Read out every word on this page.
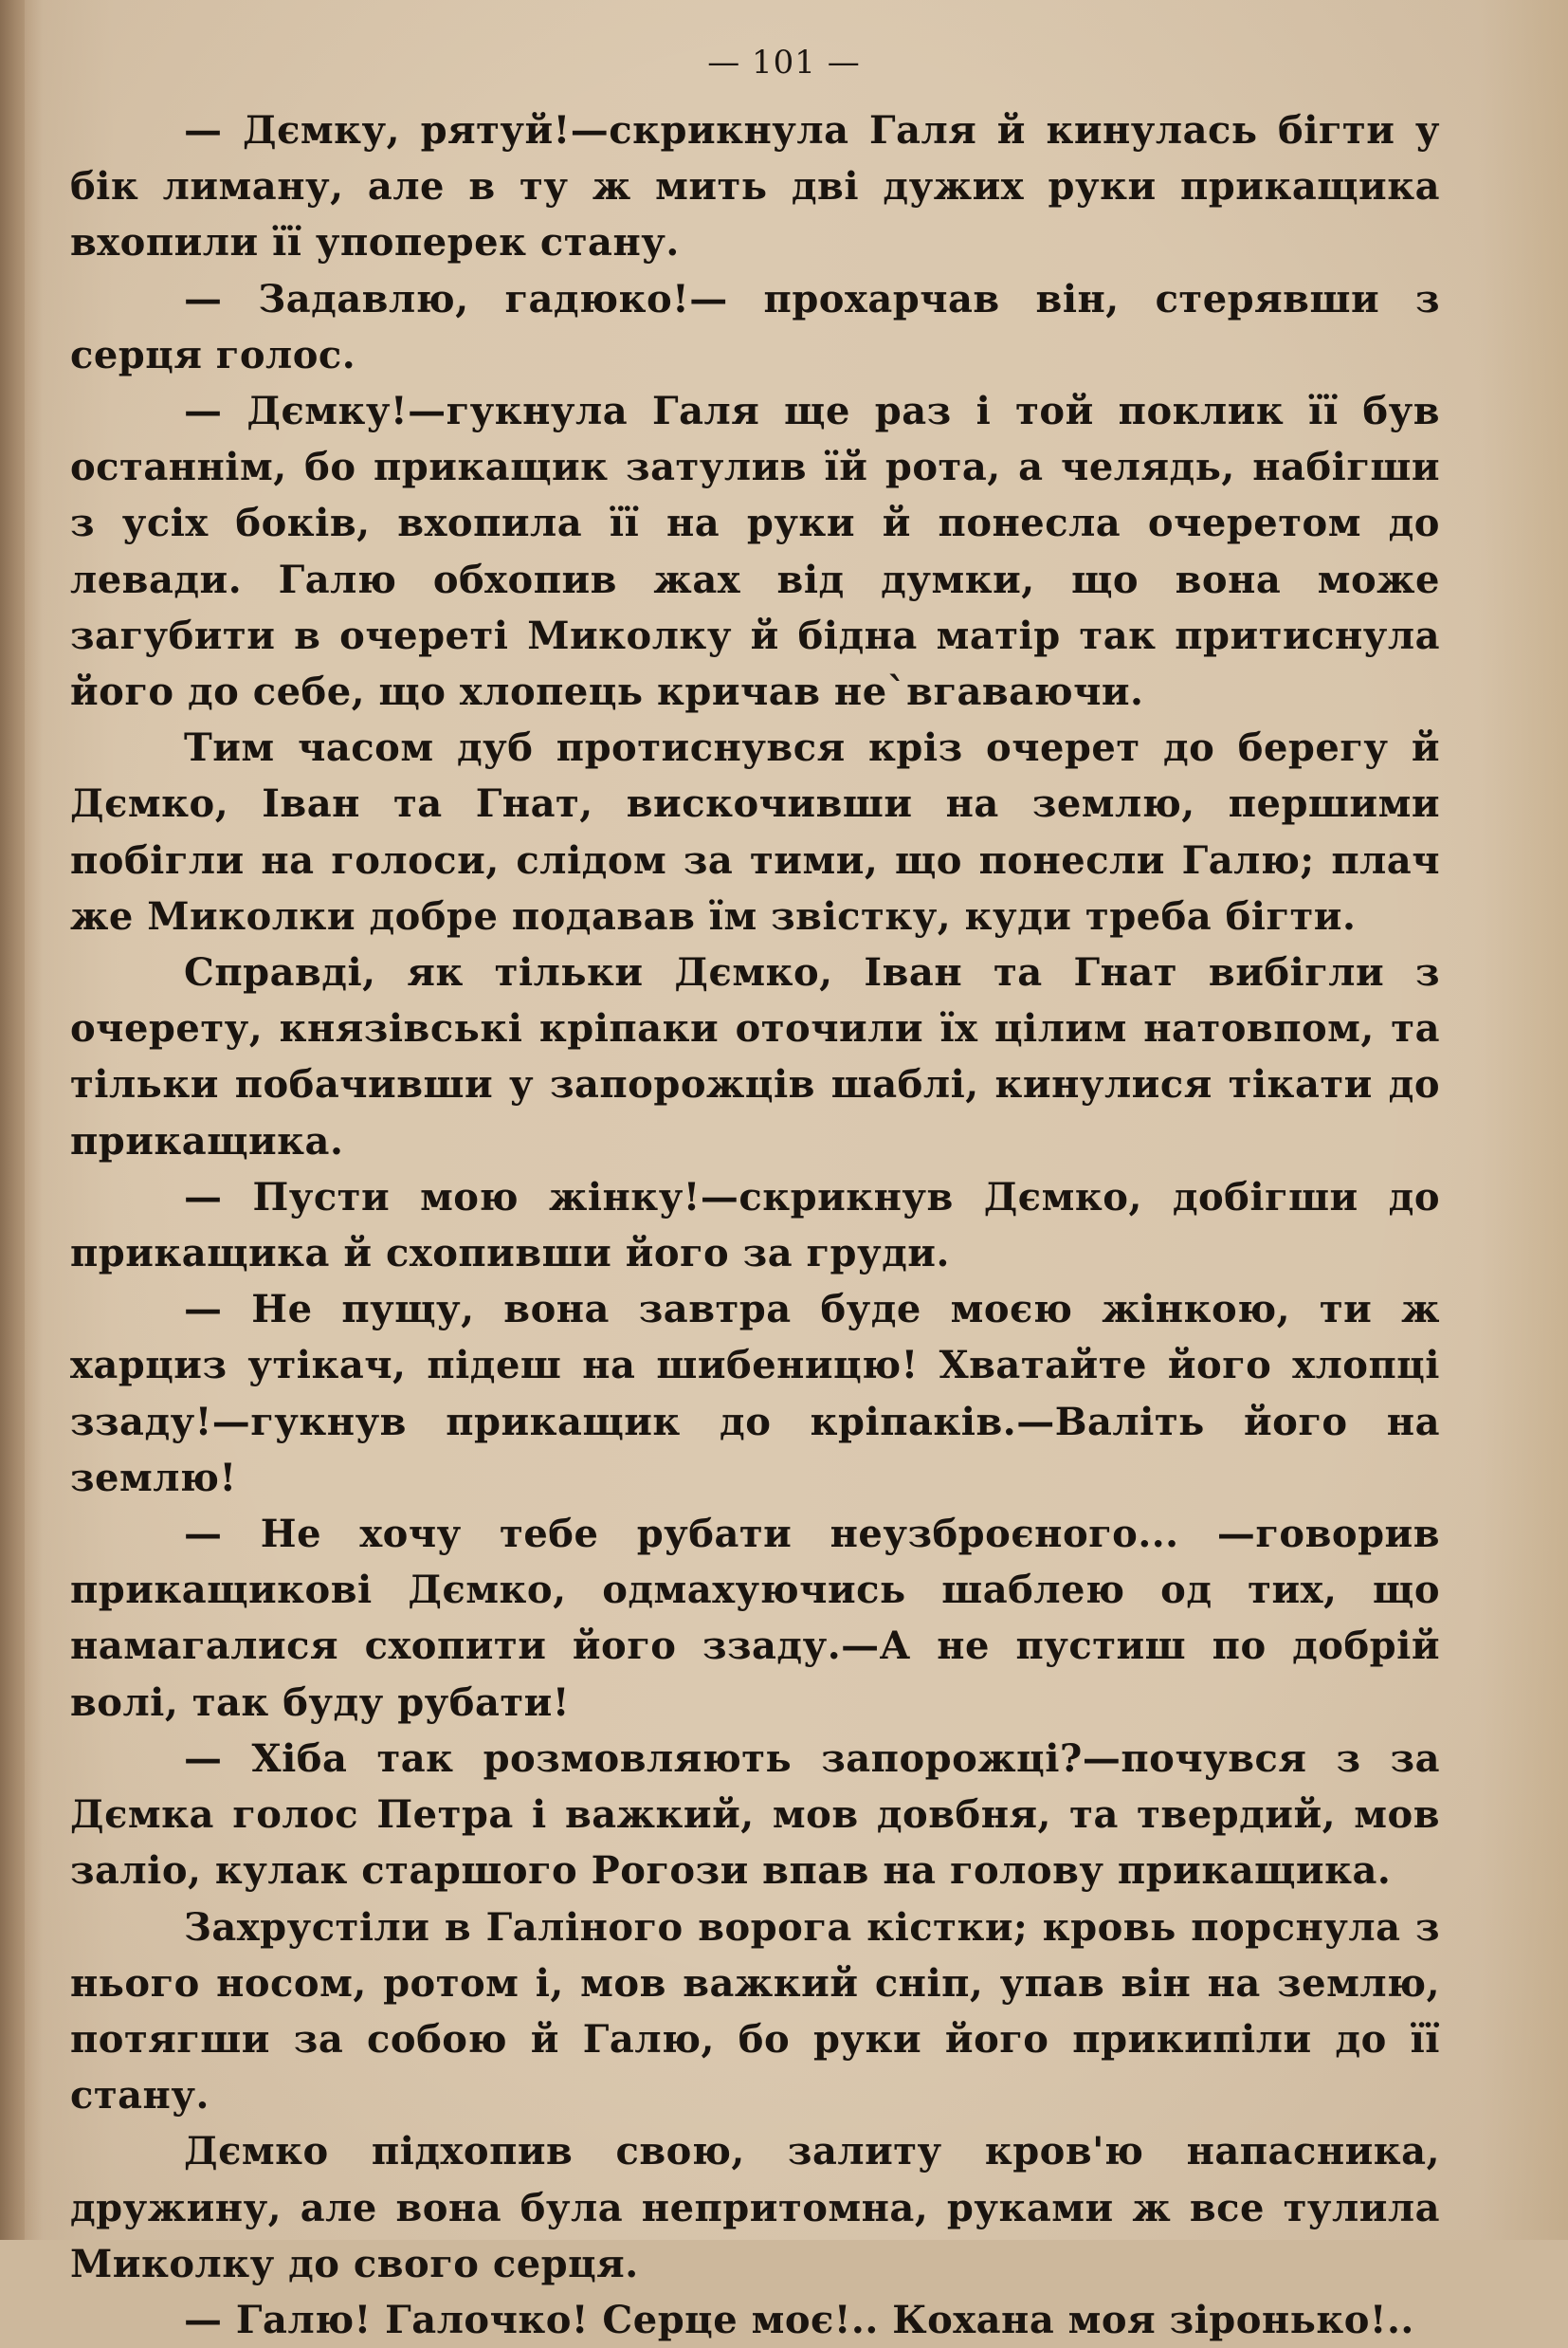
— 101 —

— Дємку, рятуй!—скрикнула Галя й кинулась бігти у бік лиману, але в ту ж мить дві дужих руки прикащика вхопили її упоперек стану.

— Задавлю, гадюко!— прохарчав він, стерявши з серця голос.

— Дємку!—гукнула Галя ще раз і той поклик її був останнім, бо прикащик затулив їй рота, а челядь, набігши з усіх боків, вхопила її на руки й понесла очеретом до левади. Галю обхопив жах від думки, що вона може загубити в очереті Миколку й бідна матір так притиснула його до себе, що хлопець кричав не`вгаваючи.

Тим часом дуб протиснувся кріз очерет до берегу й Дємко, Іван та Гнат, вискочивши на землю, першими побігли на голоси, слідом за тими, що понесли Галю; плач же Миколки добре подавав їм звістку, куди треба бігти.

Справді, як тільки Дємко, Іван та Гнат вибігли з очерету, князівські кріпаки оточили їх цілим натовпом, та тільки побачивши у запорожців шаблі, кинулися тікати до прикащика.

— Пусти мою жінку!—скрикнув Дємко, добігши до прикащика й схопивши його за груди.

— Не пущу, вона завтра буде моєю жінкою, ти ж харциз утікач, підеш на шибеницю! Хватайте його хлопці ззаду!—гукнув прикащик до кріпаків.—Валіть його на землю!

— Не хочу тебе рубати неузброєного... —говорив прикащикові Дємко, одмахуючись шаблею од тих, що намагалися схопити його ззаду.—А не пустиш по добрій волі, так буду рубати!

— Хіба так розмовляють запорожці?—почувся з за Дємка голос Петра і важкий, мов довбня, та твердий, мов заліо, кулак старшого Рогози впав на голову прикащика.

Захрустіли в Галіного ворога кістки; кровь порснула з нього носом, ротом і, мов важкий сніп, упав він на землю, потягши за собою й Галю, бо руки його прикипіли до її стану.

Дємко підхопив свою, залиту кров'ю напасника, дружину, але вона була непритомна, руками ж все тулила Миколку до свого серця.

— Галю! Галочко! Серце моє!.. Кохана моя зіронько!..
